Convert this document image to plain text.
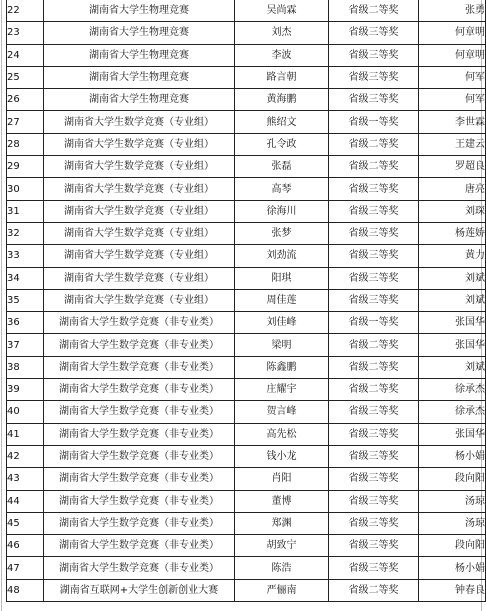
22	湖南省大学生物理竞赛	吴尚霖	省级二等奖	张勇
23	湖南省大学生物理竞赛	刘杰	省级三等奖	何章明
24	湖南省大学生物理竞赛	李波	省级三等奖	何章明
25	湖南省大学生物理竞赛	路言朝	省级三等奖	何军
26	湖南省大学生物理竞赛	黄海鹏	省级三等奖	何军
27	湖南省大学生数学竞赛（专业组）	熊绍文	省级一等奖	李世霖
28	湖南省大学生数学竞赛（专业组）	孔令政	省级二等奖	王建云
29	湖南省大学生数学竞赛（专业组）	张磊	省级二等奖	罗超良
30	湖南省大学生数学竞赛（专业组）	高琴	省级三等奖	唐亮
31	湖南省大学生数学竞赛（专业组）	徐海川	省级三等奖	刘琛
32	湖南省大学生数学竞赛（专业组）	张梦	省级三等奖	杨莲娇
33	湖南省大学生数学竞赛（专业组）	刘劲流	省级三等奖	黄力
34	湖南省大学生数学竞赛（专业组）	阳琪	省级三等奖	刘斌
35	湖南省大学生数学竞赛（专业组）	周佳莲	省级三等奖	刘斌
36	湖南省大学生数学竞赛（非专业类）	刘佳峰	省级一等奖	张国华
37	湖南省大学生数学竞赛（非专业类）	梁明	省级二等奖	张国华
38	湖南省大学生数学竞赛（非专业类）	陈鑫鹏	省级二等奖	刘斌
39	湖南省大学生数学竞赛（非专业类）	庄耀宇	省级二等奖	徐承杰
40	湖南省大学生数学竞赛（非专业类）	贺言峰	省级三等奖	徐承杰
41	湖南省大学生数学竞赛（非专业类）	高先松	省级三等奖	张国华
42	湖南省大学生数学竞赛（非专业类）	钱小龙	省级三等奖	杨小娟
43	湖南省大学生数学竞赛（非专业类）	肖阳	省级三等奖	段向阳
44	湖南省大学生数学竞赛（非专业类）	董博	省级三等奖	汤琼
45	湖南省大学生数学竞赛（非专业类）	郑渊	省级三等奖	汤琼
46	湖南省大学生数学竞赛（非专业类）	胡致宁	省级三等奖	段向阳
47	湖南省大学生数学竞赛（非专业类）	陈浩	省级三等奖	杨小娟
48	湖南省互联网+大学生创新创业大赛	严俪南	省级二等奖	钟春良
